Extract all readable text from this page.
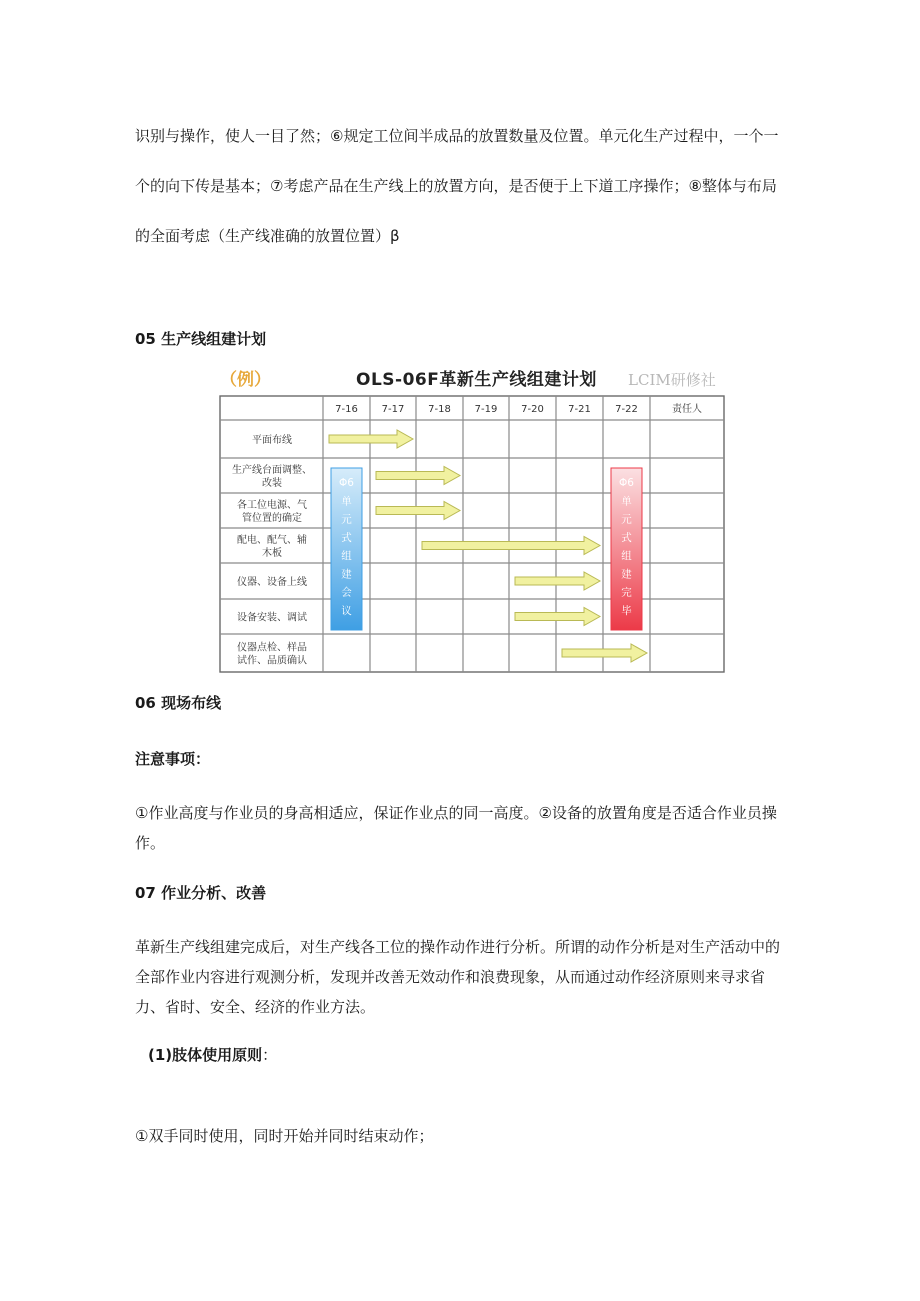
识别与操作，使人一目了然；⑥规定工位间半成品的放置数量及位置。单元化生产过程中，一个一
个的向下传是基本；⑦考虑产品在生产线上的放置方向，是否便于上下道工序操作；⑧整体与布局
的全面考虑（生产线准确的放置位置）β
05 生产线组建计划
（例）	OLS-06F革新生产线组建计划 LCIM研修社
7-16 7-17 7-18 7-19 7-20 7-21 7-22	责任人
平面布线
生产线台面调整、
改装
各工位电源、气
管位置的确定
配电、配气、辅
木板
仪器、设备上线
设备安装、调试
仪器点检、样品
试作、品质确认
Φ6
单
元
式
组
建
会
议
Φ6
单
元
式
组
建
完
毕
06 现场布线
注意事项：
①作业高度与作业员的身高相适应，保证作业点的同一高度。②设备的放置角度是否适合作业员操
作。
07 作业分析、改善
革新生产线组建完成后，对生产线各工位的操作动作进行分析。所谓的动作分析是对生产活动中的
全部作业内容进行观测分析，发现并改善无效动作和浪费现象，从而通过动作经济原则来寻求省
力、省时、安全、经济的作业方法。
(1)肢体使用原则：
①双手同时使用，同时开始并同时结束动作；
